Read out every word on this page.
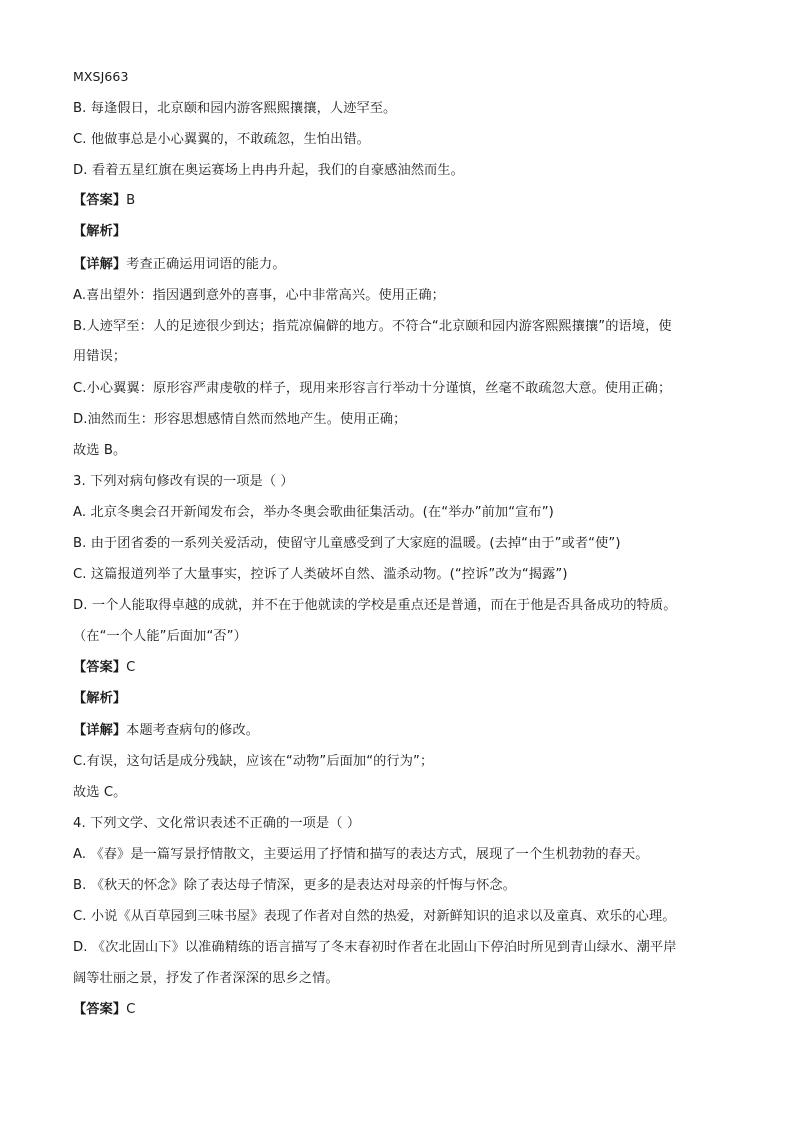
MXSJ663
B. 每逢假日，北京颐和园内游客熙熙攘攘，人迹罕至。
C. 他做事总是小心翼翼的，不敢疏忽，生怕出错。
D. 看着五星红旗在奥运赛场上冉冉升起，我们的自豪感油然而生。
【答案】B
【解析】
【详解】考查正确运用词语的能力。
A.喜出望外：指因遇到意外的喜事，心中非常高兴。使用正确；
B.人迹罕至：人的足迹很少到达；指荒凉偏僻的地方。不符合“北京颐和园内游客熙熙攘攘”的语境，使
用错误；
C.小心翼翼：原形容严肃虔敬的样子，现用来形容言行举动十分谨慎，丝毫不敢疏忽大意。使用正确；
D.油然而生：形容思想感情自然而然地产生。使用正确；
故选 B。
3. 下列对病句修改有误的一项是（ ）
A. 北京冬奥会召开新闻发布会，举办冬奥会歌曲征集活动。(在“举办”前加“宣布”)
B. 由于团省委的一系列关爱活动，使留守儿童感受到了大家庭的温暖。(去掉“由于”或者“使”)
C. 这篇报道列举了大量事实，控诉了人类破坏自然、滥杀动物。(“控诉”改为“揭露”)
D. 一个人能取得卓越的成就，并不在于他就读的学校是重点还是普通，而在于他是否具备成功的特质。
（在“一个人能”后面加“否”）
【答案】C
【解析】
【详解】本题考查病句的修改。
C.有误，这句话是成分残缺，应该在“动物”后面加“的行为”；
故选 C。
4. 下列文学、文化常识表述不正确的一项是（ ）
A. 《春》是一篇写景抒情散文，主要运用了抒情和描写的表达方式，展现了一个生机勃勃的春天。
B. 《秋天的怀念》除了表达母子情深，更多的是表达对母亲的忏悔与怀念。
C. 小说《从百草园到三味书屋》表现了作者对自然的热爱，对新鲜知识的追求以及童真、欢乐的心理。
D. 《次北固山下》以准确精练的语言描写了冬末春初时作者在北固山下停泊时所见到青山绿水、潮平岸
阔等壮丽之景，抒发了作者深深的思乡之情。
【答案】C
